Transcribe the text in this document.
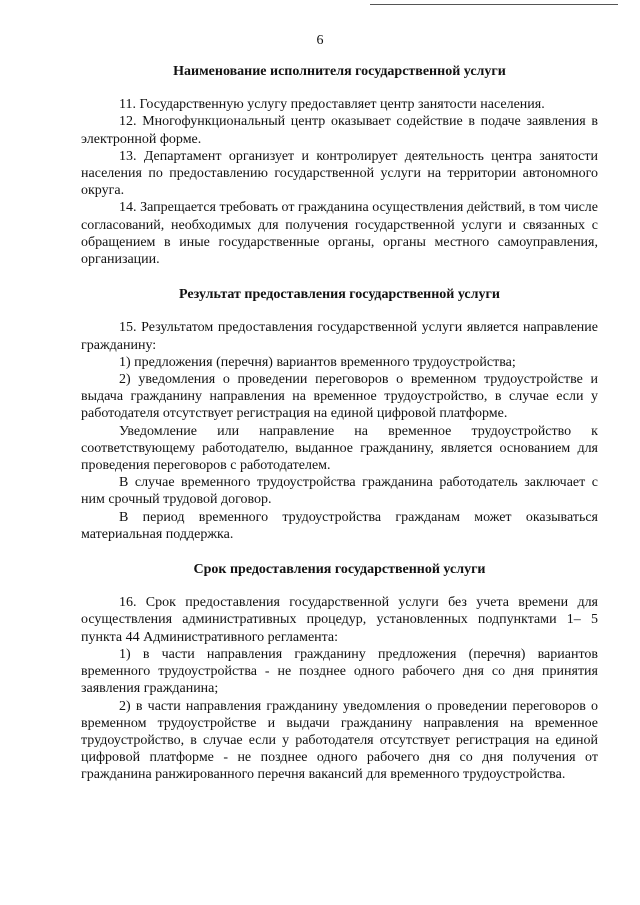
6
Наименование исполнителя государственной услуги

11. Государственную услугу предоставляет центр занятости населения.

12. Многофункциональный центр оказывает содействие в подаче заявления в электронной форме.

13. Департамент организует и контролирует деятельность центра занятости населения по предоставлению государственной услуги на территории автономного округа.

14. Запрещается требовать от гражданина осуществления действий, в том числе согласований, необходимых для получения государственной услуги и связанных с обращением в иные государственные органы, органы местного самоуправления, организации.

Результат предоставления государственной услуги

15. Результатом предоставления государственной услуги является направление гражданину:

1) предложения (перечня) вариантов временного трудоустройства;

2) уведомления о проведении переговоров о временном трудоустройстве и выдача гражданину направления на временное трудоустройство, в случае если у работодателя отсутствует регистрация на единой цифровой платформе.

Уведомление или направление на временное трудоустройство к соответствующему работодателю, выданное гражданину, является основанием для проведения переговоров с работодателем.

В случае временного трудоустройства гражданина работодатель заключает с ним срочный трудовой договор.

В период временного трудоустройства гражданам может оказываться материальная поддержка.

Срок предоставления государственной услуги

16. Срок предоставления государственной услуги без учета времени для осуществления административных процедур, установленных подпунктами 1– 5 пункта 44 Административного регламента:

1) в части направления гражданину предложения (перечня) вариантов временного трудоустройства - не позднее одного рабочего дня со дня принятия заявления гражданина;

2) в части направления гражданину уведомления о проведении переговоров о временном трудоустройстве и выдачи гражданину направления на временное трудоустройство, в случае если у работодателя отсутствует регистрация на единой цифровой платформе - не позднее одного рабочего дня со дня получения от гражданина ранжированного перечня вакансий для временного трудоустройства.
